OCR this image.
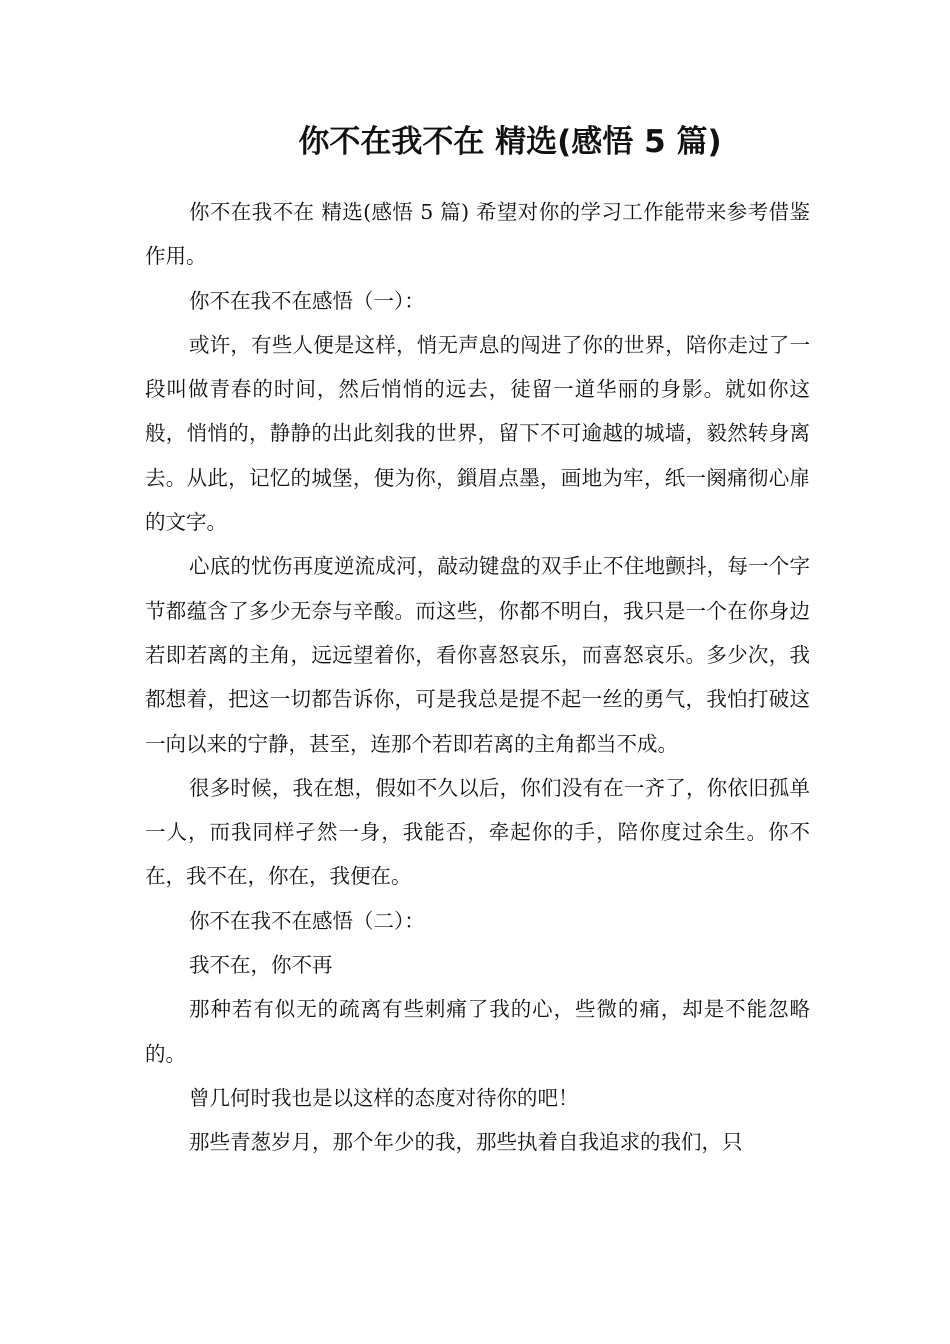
你不在我不在 精选(感悟 5 篇)

你不在我不在 精选(感悟 5 篇) 希望对你的学习工作能带来参考借鉴作用。

你不在我不在感悟（一）：

或许，有些人便是这样，悄无声息的闯进了你的世界，陪你走过了一段叫做青春的时间，然后悄悄的远去，徒留一道华丽的身影。就如你这般，悄悄的，静静的出此刻我的世界，留下不可逾越的城墙，毅然转身离去。从此，记忆的城堡，便为你，鎻眉点墨，画地为牢，纸一阕痛彻心扉的文字。

心底的忧伤再度逆流成河，敲动键盘的双手止不住地颤抖，每一个字节都蕴含了多少无奈与辛酸。而这些，你都不明白，我只是一个在你身边若即若离的主角，远远望着你，看你喜怒哀乐，而喜怒哀乐。多少次，我都想着，把这一切都告诉你，可是我总是提不起一丝的勇气，我怕打破这一向以来的宁静，甚至，连那个若即若离的主角都当不成。

很多时候，我在想，假如不久以后，你们没有在一齐了，你依旧孤单一人，而我同样孑然一身，我能否，牵起你的手，陪你度过余生。你不在，我不在，你在，我便在。

你不在我不在感悟（二）：

我不在，你不再

那种若有似无的疏离有些刺痛了我的心，些微的痛，却是不能忽略的。

曾几何时我也是以这样的态度对待你的吧！

那些青葱岁月，那个年少的我，那些执着自我追求的我们，只
